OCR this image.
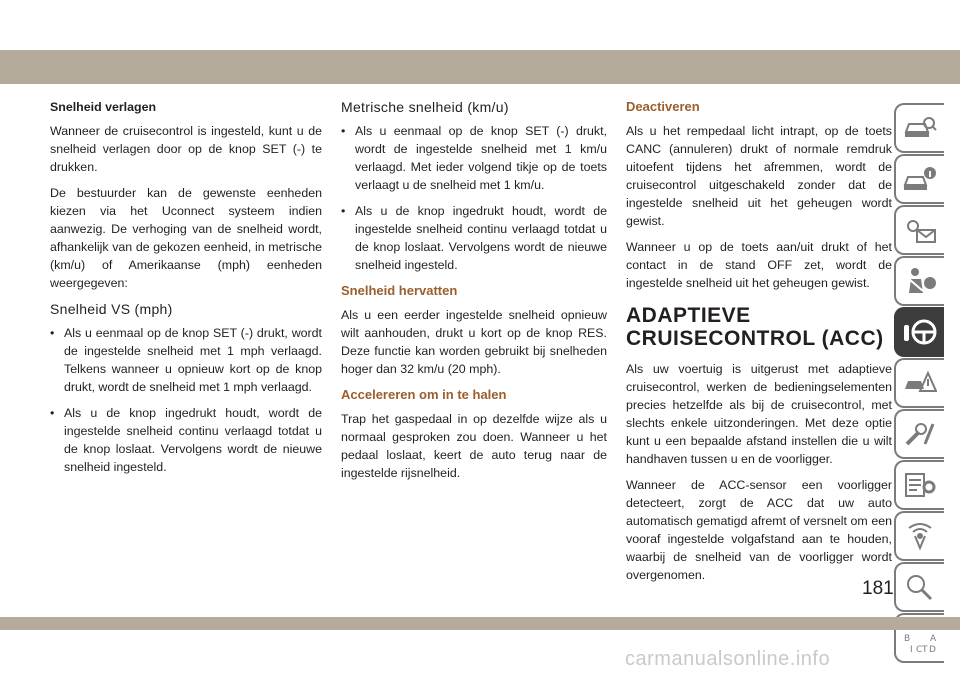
Snelheid verlagen

Wanneer de cruisecontrol is ingesteld, kunt u de snelheid verlagen door op de knop SET (-) te drukken.

De bestuurder kan de gewenste eenheden kiezen via het Uconnect systeem indien aanwezig. De verhoging van de snelheid wordt, afhankelijk van de gekozen eenheid, in metrische (km/u) of Amerikaanse (mph) eenheden weergegeven:

Snelheid VS (mph)
• Als u eenmaal op de knop SET (-) drukt, wordt de ingestelde snelheid met 1 mph verlaagd. Telkens wanneer u opnieuw kort op de knop drukt, wordt de snelheid met 1 mph verlaagd.
• Als u de knop ingedrukt houdt, wordt de ingestelde snelheid continu verlaagd totdat u de knop loslaat. Vervolgens wordt de nieuwe snelheid ingesteld.
Metrische snelheid (km/u)
• Als u eenmaal op de knop SET (-) drukt, wordt de ingestelde snelheid met 1 km/u verlaagd. Met ieder volgend tikje op de toets verlaagt u de snelheid met 1 km/u.
• Als u de knop ingedrukt houdt, wordt de ingestelde snelheid continu verlaagd totdat u de knop loslaat. Vervolgens wordt de nieuwe snelheid ingesteld.
Snelheid hervatten

Als u een eerder ingestelde snelheid opnieuw wilt aanhouden, drukt u kort op de knop RES. Deze functie kan worden gebruikt bij snelheden hoger dan 32 km/u (20 mph).

Accelereren om in te halen

Trap het gaspedaal in op dezelfde wijze als u normaal gesproken zou doen. Wanneer u het pedaal loslaat, keert de auto terug naar de ingestelde rijsnelheid.

Deactiveren

Als u het rempedaal licht intrapt, op de toets CANC (annuleren) drukt of normale remdruk uitoefent tijdens het afremmen, wordt de cruisecontrol uitgeschakeld zonder dat de ingestelde snelheid uit het geheugen wordt gewist.

Wanneer u op de toets aan/uit drukt of het contact in de stand OFF zet, wordt de ingestelde snelheid uit het geheugen gewist.

ADAPTIEVE
CRUISECONTROL (ACC)

Als uw voertuig is uitgerust met adaptieve cruisecontrol, werken de bedieningselementen precies hetzelfde als bij de cruisecontrol, met slechts enkele uitzonderingen. Met deze optie kunt u een bepaalde afstand instellen die u wilt handhaven tussen u en de voorligger.

Wanneer de ACC-sensor een voorligger detecteert, zorgt de ACC dat uw auto automatisch gematigd afremt of versnelt om een vooraf ingestelde volgafstand aan te houden, waarbij de snelheid van de voorligger wordt overgenomen.

B A
I C T D
181
carmanualsonline.info
